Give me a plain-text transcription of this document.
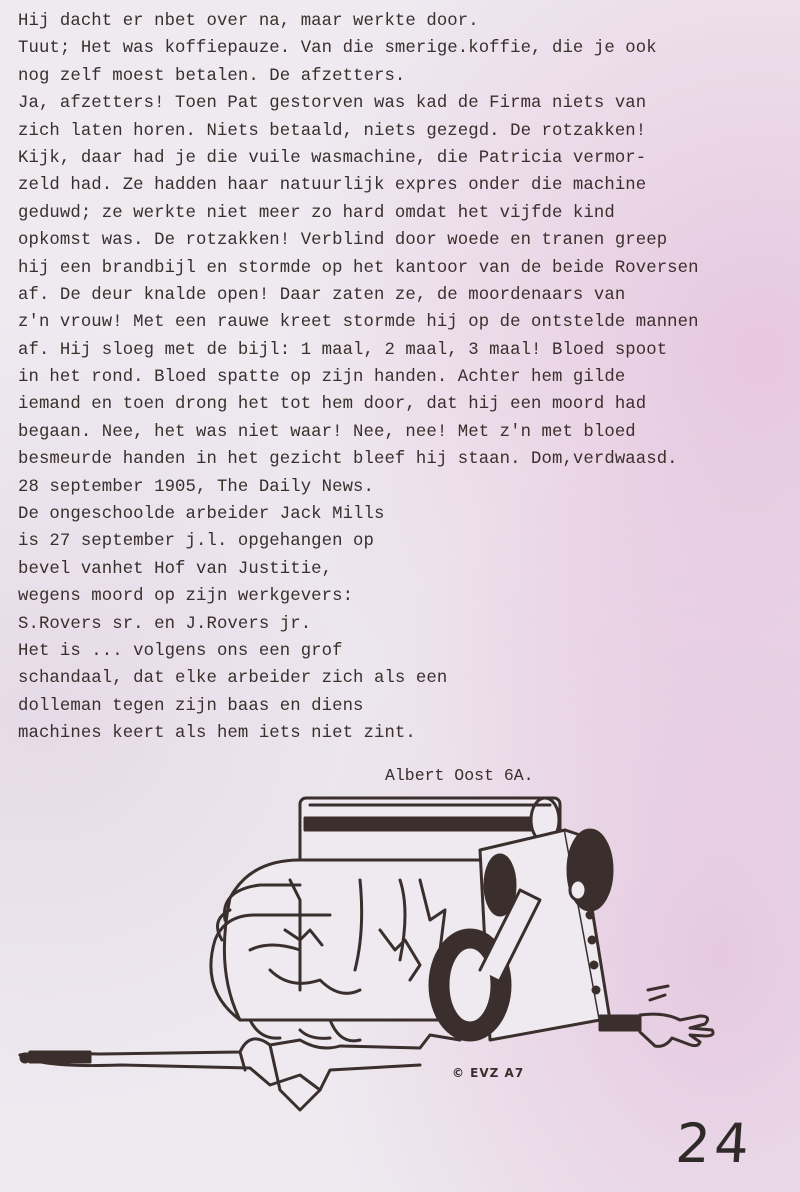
Hij dacht er nbet over na, maar werkte door.
Tuut; Het was koffiepauze. Van die smerige.koffie, die je ook
nog zelf moest betalen. De afzetters.
Ja, afzetters! Toen Pat gestorven was kad de Firma niets van
zich laten horen. Niets betaald, niets gezegd. De rotzakken!
Kijk, daar had je die vuile wasmachine, die Patricia vermor-
zeld had. Ze hadden haar natuurlijk expres onder die machine
geduwd; ze werkte niet meer zo hard omdat het vijfde kind
opkomst was. De rotzakken! Verblind door woede en tranen greep
hij een brandbijl en stormde op het kantoor van de beide Roversen
af. De deur knalde open! Daar zaten ze, de moordenaars van
z'n vrouw! Met een rauwe kreet stormde hij op de ontstelde mannen
af. Hij sloeg met de bijl: 1 maal, 2 maal, 3 maal! Bloed spoot
in het rond. Bloed spatte op zijn handen. Achter hem gilde
iemand en toen drong het tot hem door, dat hij een moord had
begaan. Nee, het was niet waar! Nee, nee! Met z'n met bloed
besmeurde handen in het gezicht bleef hij staan. Dom,verdwaasd.
28 september 1905, The Daily News.
De ongeschoolde arbeider Jack Mills
is 27 september j.l. opgehangen op
bevel vanhet Hof van Justitie,
wegens moord op zijn werkgevers:
S.Rovers sr. en J.Rovers jr.
Het is ... volgens ons een grof
schandaal, dat elke arbeider zich als een
dolleman tegen zijn baas en diens
machines keert als hem iets niet zint.
Albert Oost 6A.
© EVZ A7
24
